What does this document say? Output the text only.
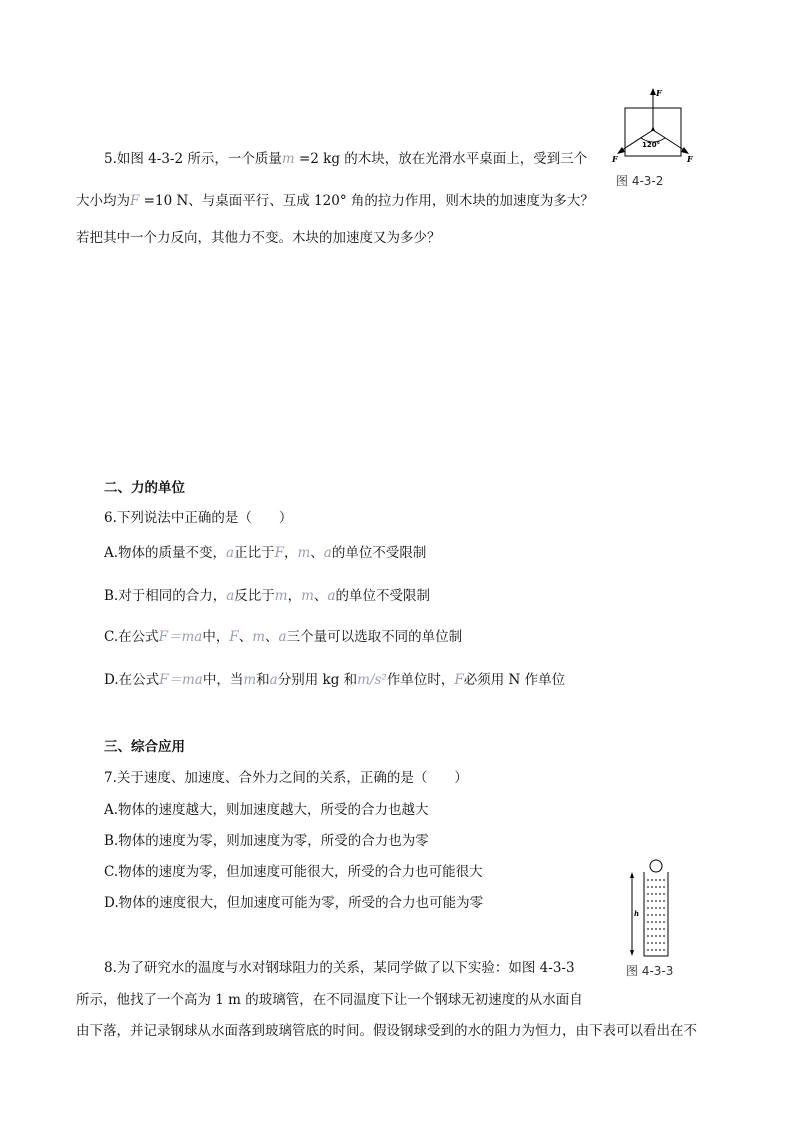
F
F	F
120°
图 4-3-2
5.如图 4-3-2 所示，一个质量m =2 kg 的木块，放在光滑水平桌面上，受到三个
大小均为F =10 N、与桌面平行、互成 120° 角的拉力作用，则木块的加速度为多大？
若把其中一个力反向，其他力不变。木块的加速度又为多少？
二、力的单位
6.下列说法中正确的是（　　）
A.物体的质量不变，a正比于F，m、a的单位不受限制
B.对于相同的合力，a反比于m，m、a的单位不受限制
C.在公式F＝ma中，F、m、a三个量可以选取不同的单位制
D.在公式F＝ma中，当m和a分别用 kg 和m/s²作单位时，F必须用 N 作单位
三、综合应用
7.关于速度、加速度、合外力之间的关系，正确的是（　　）
A.物体的速度越大，则加速度越大，所受的合力也越大
B.物体的速度为零，则加速度为零，所受的合力也为零
C.物体的速度为零，但加速度可能很大，所受的合力也可能很大
D.物体的速度很大，但加速度可能为零，所受的合力也可能为零
h
图 4-3-3
8.为了研究水的温度与水对钢球阻力的关系，某同学做了以下实验：如图 4-3-3
所示，他找了一个高为 1 m 的玻璃管，在不同温度下让一个钢球无初速度的从水面自
由下落，并记录钢球从水面落到玻璃管底的时间。假设钢球受到的水的阻力为恒力，由下表可以看出在不
